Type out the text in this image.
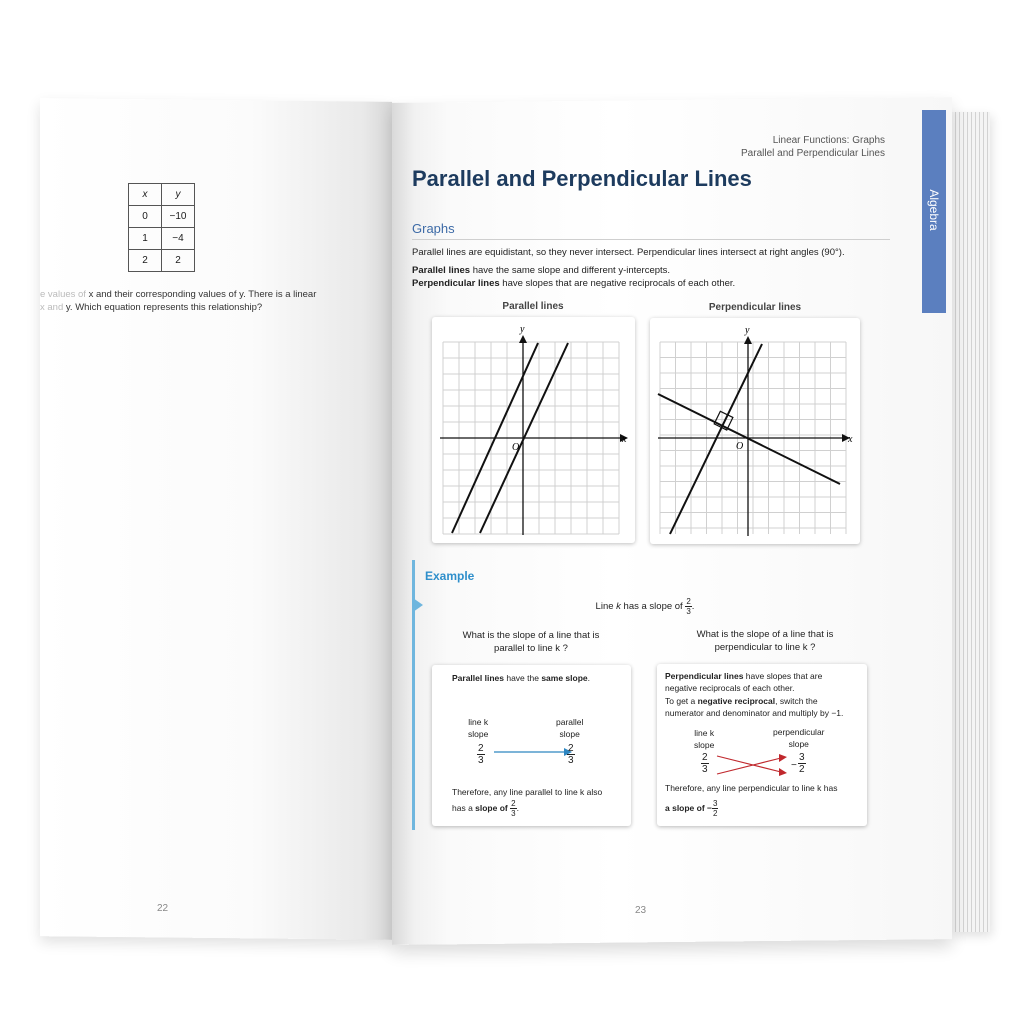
Algebra
x	y
0	−10
1	−4
2	2
e values of x and their corresponding values of y. There is a linear
x and y. Which equation represents this relationship?
22
Linear Functions: Graphs
Parallel and Perpendicular Lines
Parallel and Perpendicular Lines
Graphs
Parallel lines are equidistant, so they never intersect. Perpendicular lines intersect at right angles (90°).
Parallel lines have the same slope and different y-intercepts.
Perpendicular lines have slopes that are negative reciprocals of each other.
Parallel lines	Perpendicular lines
x
y
O
x
y
O
Example
Line k has a slope of $\frac{2}{3}$ .
What is the slope of a line that is
parallel to line k ?
What is the slope of a line that is
perpendicular to line k ?
Parallel lines have the same slope.
line k
slope
parallel
slope
$\frac{2}{3}$	$\frac{2}{3}$
Therefore, any line parallel to line k also
has a slope of $\frac{2}{3}$ .
Perpendicular lines have slopes that are
negative reciprocals of each other.
To get a negative reciprocal, switch the
numerator and denominator and multiply by −1.
line k
slope
perpendicular
slope
$\frac{2}{3}$	− $\frac{3}{2}$
Therefore, any line perpendicular to line k has
a slope of − $\frac{3}{2}$
23
